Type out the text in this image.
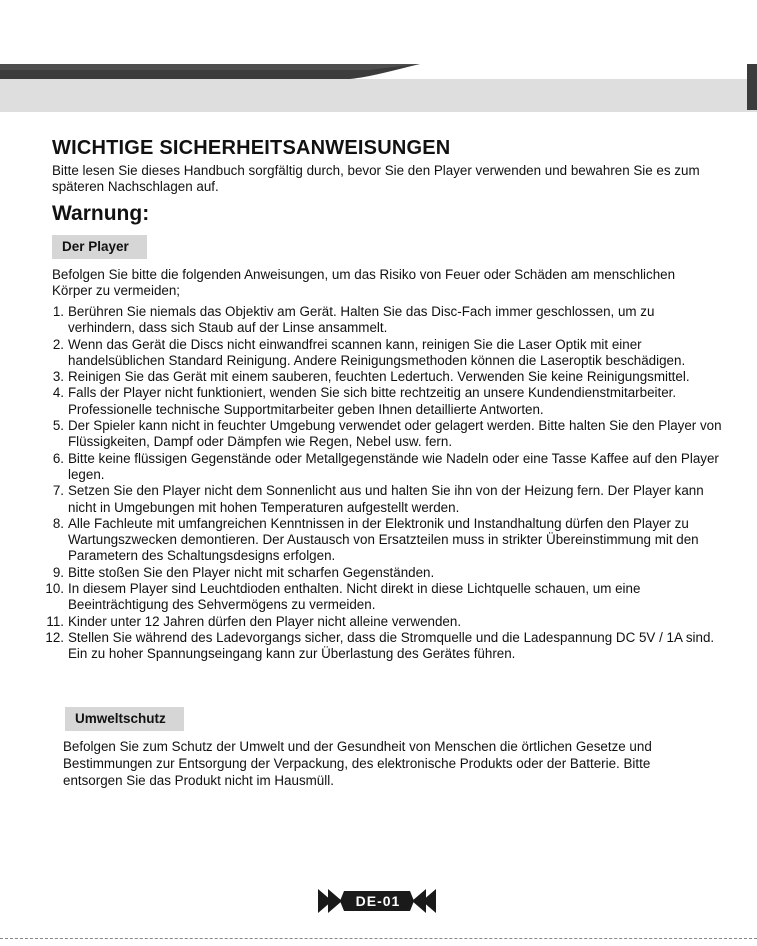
WICHTIGE SICHERHEITSANWEISUNGEN

Bitte lesen Sie dieses Handbuch sorgfältig durch, bevor Sie den Player verwenden und bewahren Sie es zum späteren Nachschlagen auf.

Warnung:
Der Player

Befolgen Sie bitte die folgenden Anweisungen, um das Risiko von Feuer oder Schäden am menschlichen Körper zu vermeiden;

1. Berühren Sie niemals das Objektiv am Gerät. Halten Sie das Disc-Fach immer geschlossen, um zu verhindern, dass sich Staub auf der Linse ansammelt.
2. Wenn das Gerät die Discs nicht einwandfrei scannen kann, reinigen Sie die Laser Optik mit einer handelsüblichen Standard Reinigung. Andere Reinigungsmethoden können die Laseroptik beschädigen.
3. Reinigen Sie das Gerät mit einem sauberen, feuchten Ledertuch. Verwenden Sie keine Reinigungsmittel.
4. Falls der Player nicht funktioniert, wenden Sie sich bitte rechtzeitig an unsere Kundendienstmitarbeiter. Professionelle technische Supportmitarbeiter geben Ihnen detaillierte Antworten.
5. Der Spieler kann nicht in feuchter Umgebung verwendet oder gelagert werden. Bitte halten Sie den Player von Flüssigkeiten, Dampf oder Dämpfen wie Regen, Nebel usw. fern.
6. Bitte keine flüssigen Gegenstände oder Metallgegenstände wie Nadeln oder eine Tasse Kaffee auf den Player legen.
7. Setzen Sie den Player nicht dem Sonnenlicht aus und halten Sie ihn von der Heizung fern. Der Player kann nicht in Umgebungen mit hohen Temperaturen aufgestellt werden.
8. Alle Fachleute mit umfangreichen Kenntnissen in der Elektronik und Instandhaltung dürfen den Player zu Wartungszwecken demontieren. Der Austausch von Ersatzteilen muss in strikter Übereinstimmung mit den Parametern des Schaltungsdesigns erfolgen.
9. Bitte stoßen Sie den Player nicht mit scharfen Gegenständen.
10. In diesem Player sind Leuchtdioden enthalten. Nicht direkt in diese Lichtquelle schauen, um eine Beeinträchtigung des Sehvermögens zu vermeiden.
11. Kinder unter 12 Jahren dürfen den Player nicht alleine verwenden.
12. Stellen Sie während des Ladevorgangs sicher, dass die Stromquelle und die Ladespannung DC 5V / 1A sind. Ein zu hoher Spannungseingang kann zur Überlastung des Gerätes führen.
Umweltschutz

Befolgen Sie zum Schutz der Umwelt und der Gesundheit von Menschen die örtlichen Gesetze und Bestimmungen zur Entsorgung der Verpackung, des elektronische Produkts oder der Batterie. Bitte entsorgen Sie das Produkt nicht im Hausmüll.

DE-01
